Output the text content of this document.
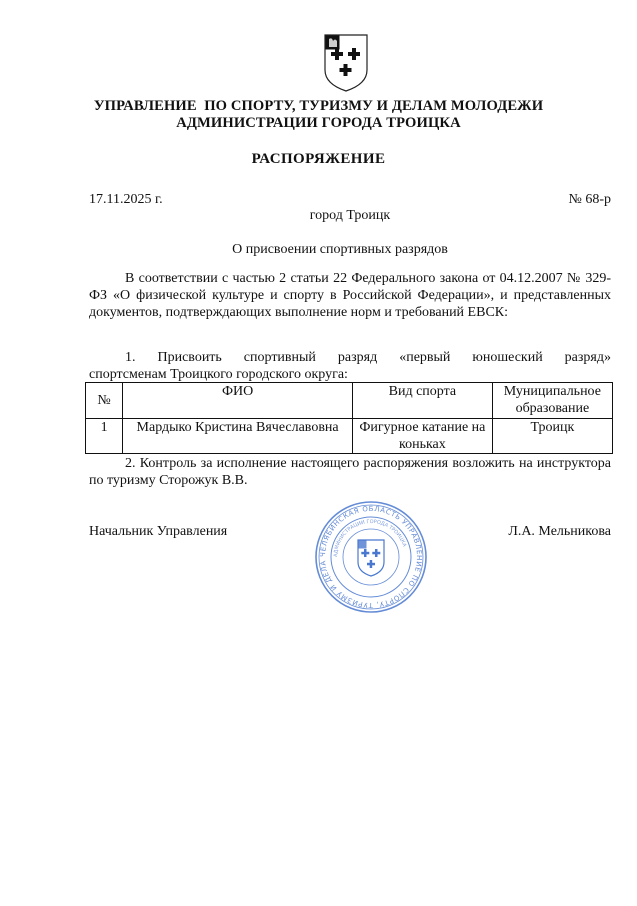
УПРАВЛЕНИЕ  ПО СПОРТУ, ТУРИЗМУ И ДЕЛАМ МОЛОДЕЖИ
АДМИНИСТРАЦИИ ГОРОДА ТРОИЦКА
РАСПОРЯЖЕНИЕ
17.11.2025 г.	№ 68-р
город Троицк
О присвоении спортивных разрядов
В соответствии с частью 2 статьи 22 Федерального закона от 04.12.2007 № 329-ФЗ «О физической культуре и спорту в Российской Федерации», и представленных документов, подтверждающих выполнение норм и требований ЕВСК:
1. Присвоить спортивный разряд «первый юношеский разряд»
спортсменам Троицкого городского округа:
№	ФИО	Вид спорта	Муниципальное образование
1	Мардыко Кристина Вячеславовна	Фигурное катание на коньках	Троицк
2. Контроль за исполнение настоящего распоряжения возложить на инструктора по туризму Сторожук В.В.
Начальник Управления	Л.А. Мельникова
ЧЕЛЯБИНСКАЯ ОБЛАСТЬ УПРАВЛЕНИЕ ПО СПОРТУ, ТУРИЗМУ И ДЕЛА
АДМИНИСТРАЦИИ ГОРОДА ТРОИЦКА
